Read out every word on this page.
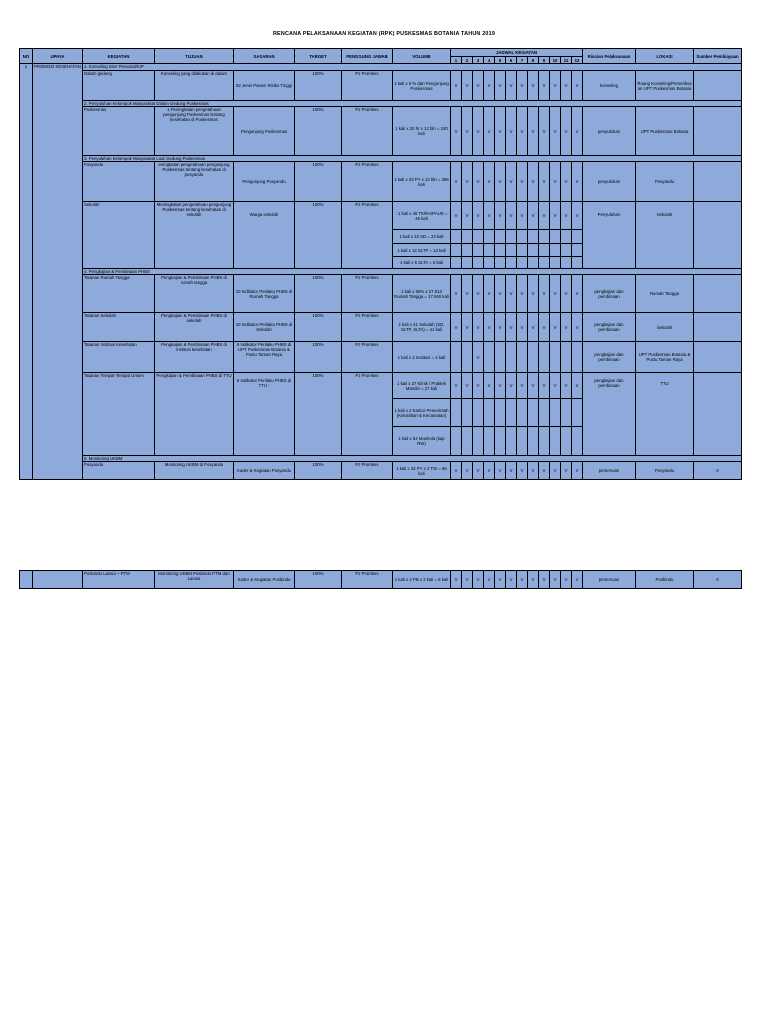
RENCANA PELAKSANAAN KEGIATAN (RPK) PUSKESMAS BOTANIA TAHUN 2019
NO	UPAYA	KEGIATAN	TUJUAN	SASARAN	TARGET	PENGGUNG JAWAB	VOLUME	JADWAL KEGIATAN												Rincian Pelaksanaan	LOKASI	Sumber Pembiayaan
								1	2	3	4	5	6	7	8	9	10	11	12			
1	PROMOSI KESEHATAN	1. Konseling Inter Personal/KIP																				
		Dalam gedung	Konseling yang dilakukan di dalam	52 Jenis Pasien Risiko Tinggi	100%	PJ Promkes	1 kali x 5 % dari Pengunjung Puskesmas	V	V	V	V	V	V	V	V	V	V	V	V	konseling	Ruang Konseling/Pemeriksa an UPT Puskesmas Botania	
		2. Penyuluhan Kelompok Masyarakat Dalam Gedung Puskesmas																				
		Puskesmas	1.Peningkatan pengetahuan pengunjung Puskesmas tentang kesehatan di Puskesmas	Pengunjung Puskesmas	100%	PJ Promkes	1 kali x 20 hr x 12 bln = 240 kali	V	V	V	V	V	V	V	V	V	V	V	V	penyuluhan	UPT Puskesmas Botania	
		3. Penyuluhan Kelompok Masyarakat Luar Gedung Puskesmas																				
		Posyandu	eningkatan pengetahuan pengunjung Puskesmas tentang kesehatan di posyandu	Pengunjung Posyandu	100%	PJ Promkes	1 kali x 33 PY x 12 bln = 396 kali	V	V	V	V	V	V	V	V	V	V	V	V	penyuluhan	Posyandu	
		Sekolah	Meningkatan pengetahuan pengunjung Puskesmas tentang kesehatan di sekolah	Warga sekolah	100%	PJ Promkes	: 1 kali x 46 TK/RA/PAUD = 46 kali	V	V	V	V	V	V	V	V	V	V	V	V	Penyuluhan	Sekolah	
							1 kali x 23 SD = 23 kali															
							1 kali x 12 SLTP = 12 kali															
							1 kali x 6 SLTA = 6 kali															
		4. Pengkajian & Pembinaan PHBS																				
		Tatanan Rumah Tangga	Pengkajian & Pembinaan PHBS di rumah tangga	10 Indikator Perilaku PHBS di Rumah Tangga	100%	PJ Promkes	1 kali x 65% x 27.013 Rumah Tangga = 17.560 kali	V	V	V	V	V	V	V	V	V	V	V	V	pengkajian dan pembinaan	Rumah Tangga	
		Tatanan Sekolah	Pengkajian & Pembinaan PHBS di sekolah	10 Indikator Perilaku PHBS di Sekolah	100%	PJ Promkes	1 kali x 41 Sekolah (SD, SLTP, SLTA) = 41 kali	V	V	V	V	V	V	V	V	V	V	V	V	pengkajian dan pembinaan	Sekolah	
		Tatanan Institusi Kesehatan	Pengkajian & Pembinaan PHBS di institusi kesehatan	6 Indikator Perilaku PHBS di UPT Puskesmas Botania & Pustu Taman Raya	100%	PJ Promkes	1 kali x 2 Institusi = 2 kali			V										pengkajian dan pembinaan	UPT Puskesmas Botania & Pustu Taman Raya	
		Tatanan Tempat-Tempat Umum	Pengkajian & Pembinaan PHBS di TTU	6 Indikator Perilaku PHBS di TTU :	100%	PJ Promkes	1 kali x 27 Klinik / Praktek Mandiri = 27 kali	V	V	V	V	V	V	V	V	V	V	V	V	pengkajian dan pembinaan	TTU	
							1 kali x 2 Kantor Pemerintah (Kelurahan & Kecamatan)															
							1 kali x 54 Mushola (tiap RW)															
		5. Monitoring UKBM																				
		Posyandu	Monitoring UKBM di Posyandu	Kader & Kegiatan Posyandu	100%	PJ Promkes	1 kali x 33 PY x 2 TW = 66 kali	V	V	V	V	V	V	V	V	V	V	V	V	pertemuan	Posyandu	0
		Posbindu Lansia + PTM	Monitoring UKBM Posbindu PTM dan Lansia	Kader & Kegiatan Posbindu	100%	PJ Promkes	1 kali x 4 PB x 2 kali = 8 kali	V	V	V	V	V	V	V	V	V	V	V	V	pertemuan	Posbindu	0
